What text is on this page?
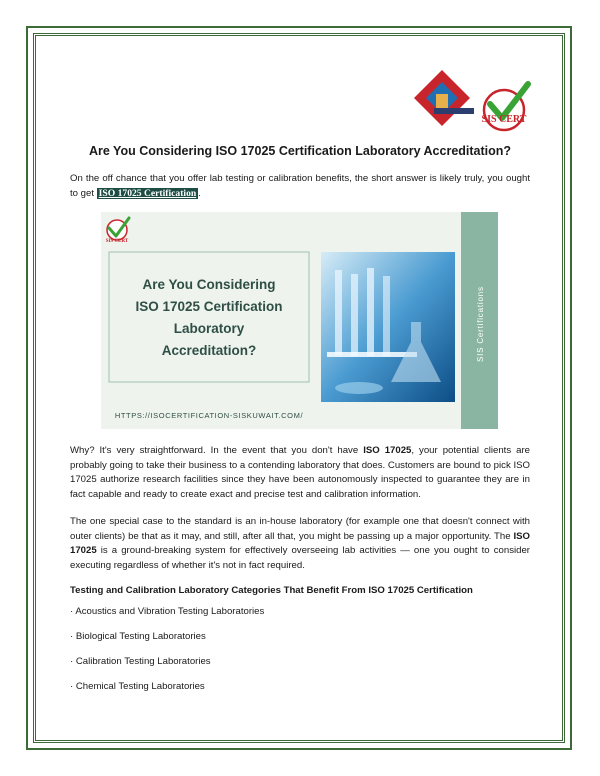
SIS CERT
Are You Considering ISO 17025 Certification Laboratory Accreditation?

On the off chance that you offer lab testing or calibration benefits, the short answer is likely truly, you ought to get ISO 17025 Certification .

SIS CERT
Are You Considering
ISO 17025 Certification
Laboratory
Accreditation?
HTTPS://ISOCERTIFICATION-SISKUWAIT.COM/
SIS Certifications

Why? It's very straightforward. In the event that you don't have ISO 17025, your potential clients are probably going to take their business to a contending laboratory that does. Customers are bound to pick ISO 17025 authorize research facilities since they have been autonomously inspected to guarantee they are in fact capable and ready to create exact and precise test and calibration information.

The one special case to the standard is an in-house laboratory (for example one that doesn't connect with outer clients) be that as it may, and still, after all that, you might be passing up a major opportunity. The ISO 17025 is a ground-breaking system for effectively overseeing lab activities — one you ought to consider executing regardless of whether it's not in fact required.

Testing and Calibration Laboratory Categories That Benefit From ISO 17025 Certification
· Acoustics and Vibration Testing Laboratories
· Biological Testing Laboratories
· Calibration Testing Laboratories
· Chemical Testing Laboratories
